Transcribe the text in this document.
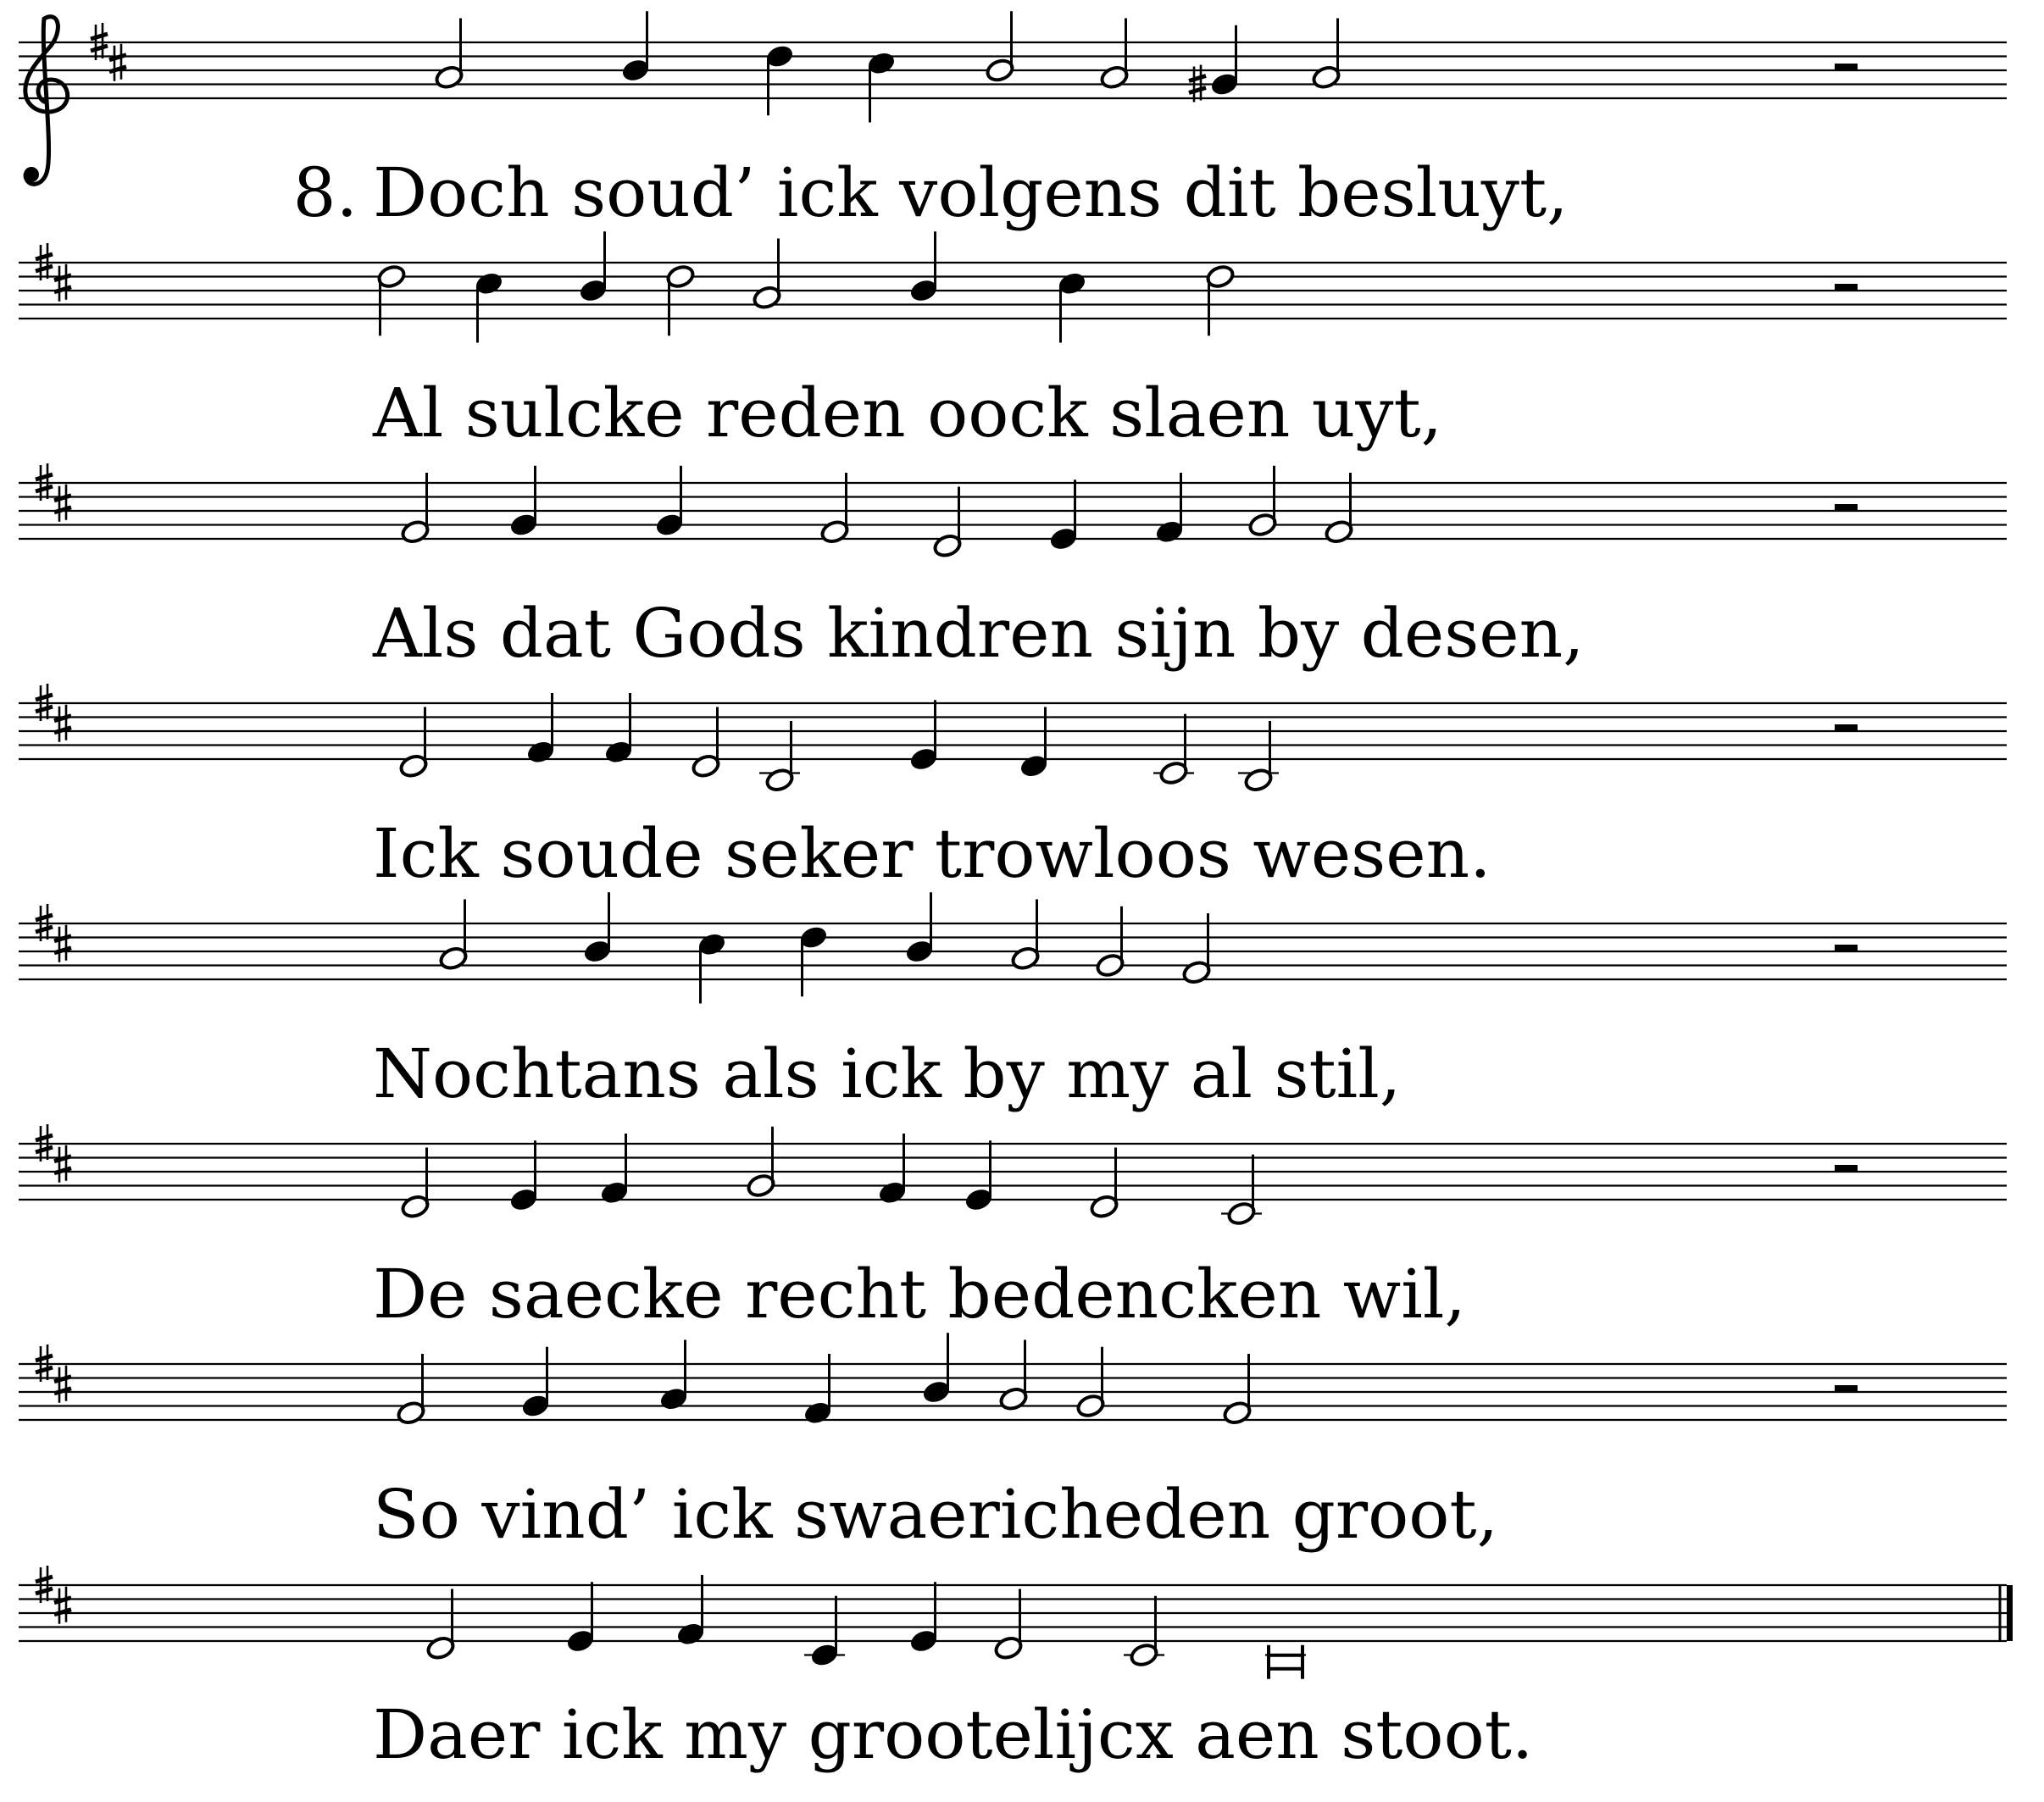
Doch soud’ ick volgens dit besluyt,
8.
Al sulcke reden oock slaen uyt,
Als dat Gods kindren sijn by desen,
Ick soude seker trowloos wesen.
Nochtans als ick by my al stil,
De saecke recht bedencken wil,
So vind’ ick swaericheden groot,
Daer ick my grootelijcx aen stoot.
